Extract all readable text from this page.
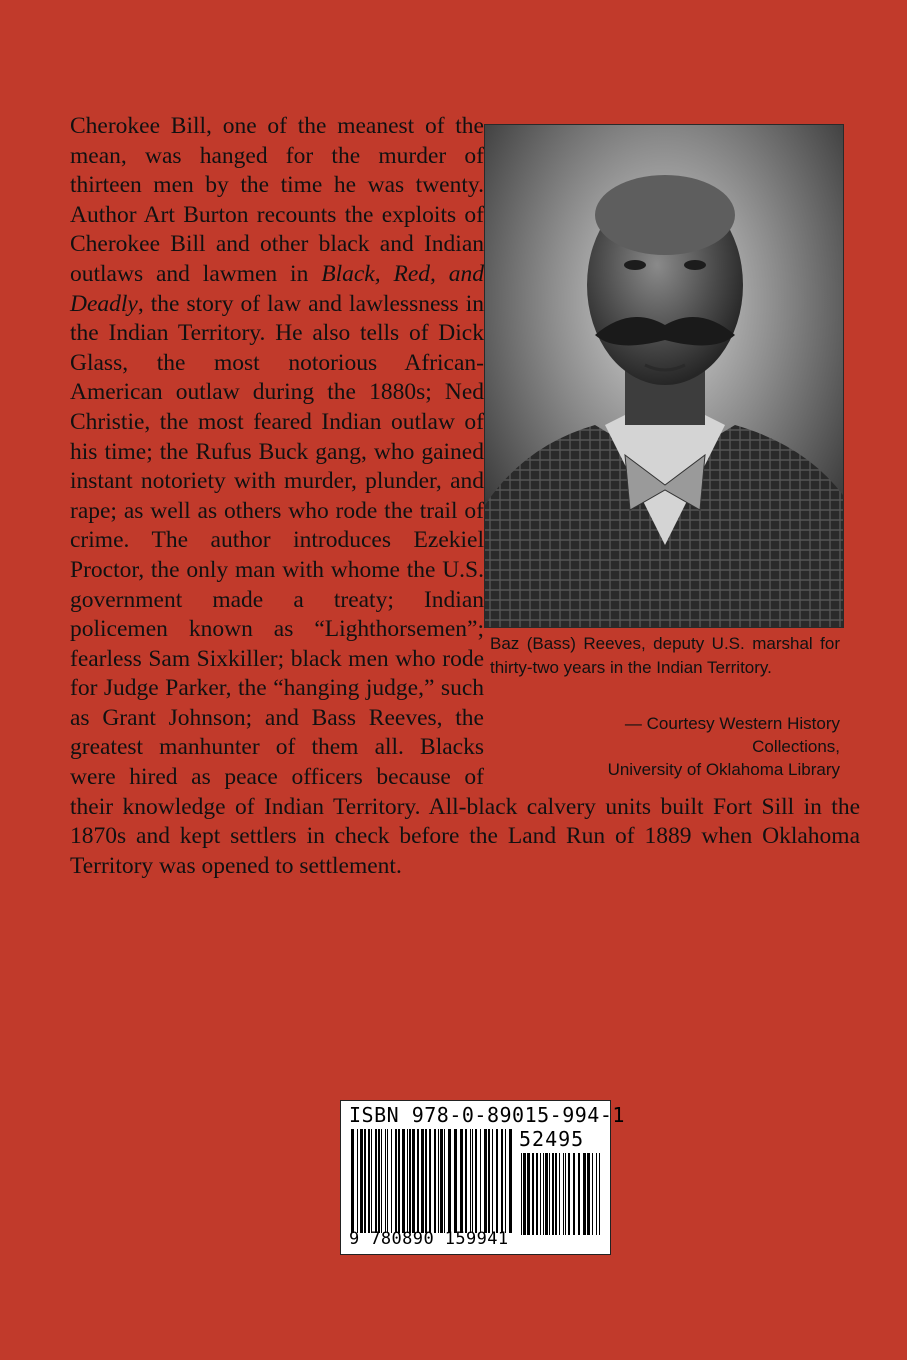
Cherokee Bill, one of the meanest of the mean, was hanged for the murder of thirteen men by the time he was twenty. Author Art Burton recounts the exploits of Cherokee Bill and other black and Indian outlaws and lawmen in Black, Red, and Deadly, the story of law and lawlessness in the Indian Territory. He also tells of Dick Glass, the most notorious African-American outlaw during the 1880s; Ned Christie, the most feared Indian outlaw of his time; the Rufus Buck gang, who gained instant notoriety with murder, plunder, and rape; as well as others who rode the trail of crime. The author introduces Ezekiel Proctor, the only man with whome the U.S. government made a treaty; Indian policemen known as “Lighthorsemen”; fearless Sam Sixkiller; black men who rode for Judge Parker, the “hanging judge,” such as Grant Johnson; and Bass Reeves, the greatest manhunter of them all. Blacks were hired as peace officers because of their knowledge of Indian Territory. All-black calvery units built Fort Sill in the 1870s and kept settlers in check before the Land Run of 1889 when Oklahoma Territory was opened to settlement.

Baz (Bass) Reeves, deputy U.S. marshal for thirty-two years in the Indian Territory.
— Courtesy Western History
Collections,
University of Oklahoma Library
ISBN 978-0-89015-994-1
52495
9 780890 159941
